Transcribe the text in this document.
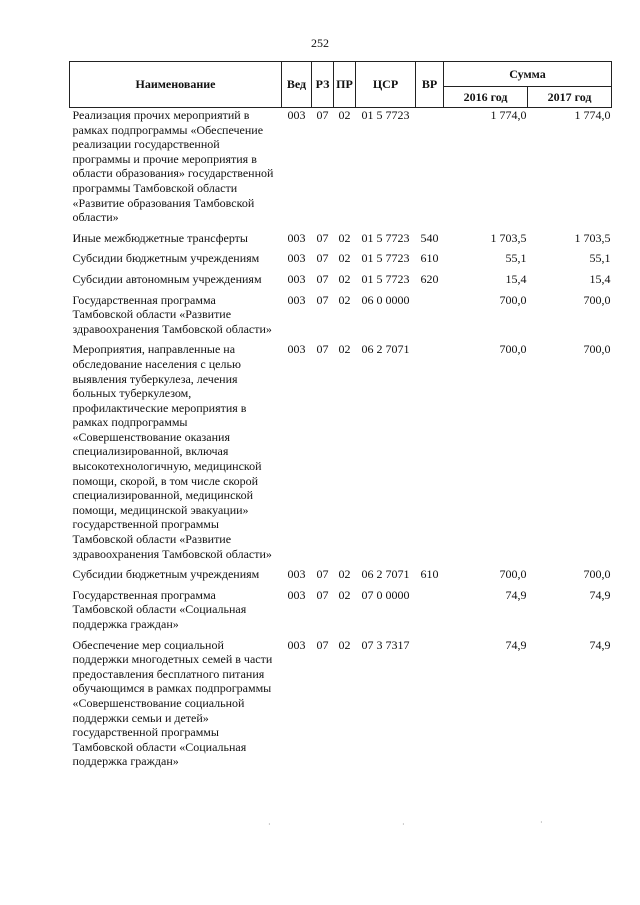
252
Наименование	Вед	РЗ	ПР	ЦСР	ВР	Сумма	
						2016 год	2017 год
Реализация прочих мероприятий в рамках подпрограммы «Обеспечение реализации государственной программы и прочие мероприятия в области образования» государственной программы Тамбовской области «Развитие образования Тамбовской области»	003	07	02	01 5 7723		1 774,0	1 774,0
Иные межбюджетные трансферты	003	07	02	01 5 7723	540	1 703,5	1 703,5
Субсидии бюджетным учреждениям	003	07	02	01 5 7723	610	55,1	55,1
Субсидии автономным учреждениям	003	07	02	01 5 7723	620	15,4	15,4
Государственная программа Тамбовской области «Развитие здравоохранения Тамбовской области»	003	07	02	06 0 0000		700,0	700,0
Мероприятия, направленные на обследование населения с целью выявления туберкулеза, лечения больных туберкулезом, профилактические мероприятия в рамках подпрограммы «Совершенствование оказания специализированной, включая высокотехнологичную, медицинской помощи, скорой, в том числе скорой специализированной, медицинской помощи, медицинской эвакуации» государственной программы Тамбовской области «Развитие здравоохранения Тамбовской области»	003	07	02	06 2 7071		700,0	700,0
Субсидии бюджетным учреждениям	003	07	02	06 2 7071	610	700,0	700,0
Государственная программа Тамбовской области «Социальная поддержка граждан»	003	07	02	07 0 0000		74,9	74,9
Обеспечение мер социальной поддержки многодетных семей в части предоставления бесплатного питания обучающимся в рамках подпрограммы «Совершенствование социальной поддержки семьи и детей» государственной программы Тамбовской области «Социальная поддержка граждан»	003	07	02	07 3 7317		74,9	74,9
·	·
·
